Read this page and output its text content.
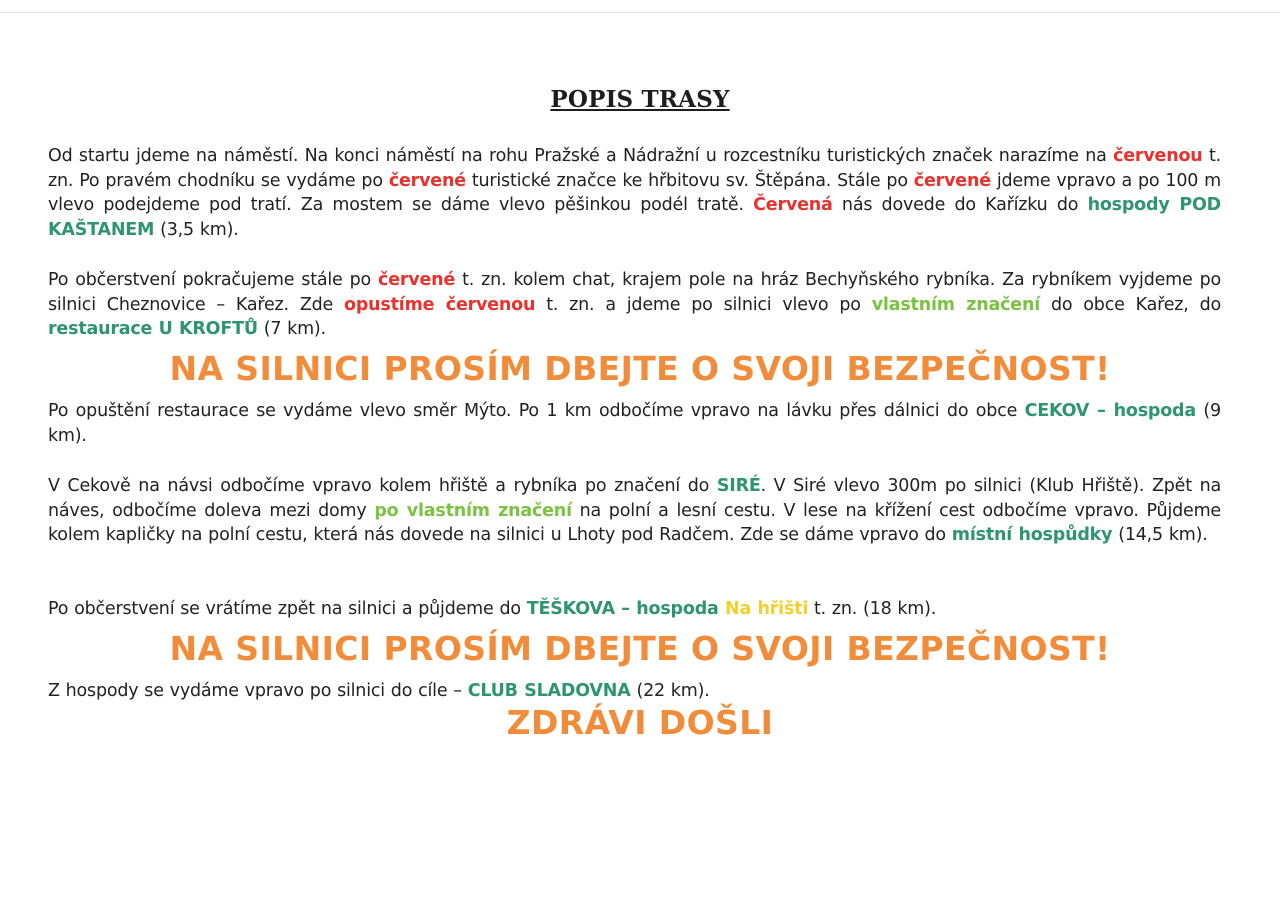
POPIS TRASY
Od startu jdeme na náměstí. Na konci náměstí na rohu Pražské a Nádražní u rozcestníku turistických značek narazíme na červenou t. zn. Po pravém chodníku se vydáme po červené turistické značce ke hřbitovu sv. Štěpána. Stále po červené jdeme vpravo a po 100 m vlevo podejdeme pod tratí. Za mostem se dáme vlevo pěšinkou podél tratě. Červená nás dovede do Kařízku do hospody POD KAŠTANEM (3,5 km).
Po občerstvení pokračujeme stále po červené t. zn. kolem chat, krajem pole na hráz Bechyňského rybníka. Za rybníkem vyjdeme po silnici Cheznovice – Kařez. Zde opustíme červenou t. zn. a jdeme po silnici vlevo po vlastním značení do obce Kařez, do restaurace U KROFTŮ (7 km).
NA SILNICI PROSÍM DBEJTE O SVOJI BEZPEČNOST!
Po opuštění restaurace se vydáme vlevo směr Mýto. Po 1 km odbočíme vpravo na lávku přes dálnici do obce CEKOV – hospoda (9 km).
V Cekově na návsi odbočíme vpravo kolem hřiště a rybníka po značení do SIRÉ. V Siré vlevo 300m po silnici (Klub Hřiště). Zpět na náves, odbočíme doleva mezi domy po vlastním značení na polní a lesní cestu. V lese na křížení cest odbočíme vpravo. Půjdeme kolem kapličky na polní cestu, která nás dovede na silnici u Lhoty pod Radčem. Zde se dáme vpravo do místní hospůdky (14,5 km).
Po občerstvení se vrátíme zpět na silnici a půjdeme do TĚŠKOVA – hospoda Na hřišti t. zn. (18 km).
NA SILNICI PROSÍM DBEJTE O SVOJI BEZPEČNOST!
Z hospody se vydáme vpravo po silnici do cíle – CLUB SLADOVNA (22 km).
ZDRÁVI DOŠLI
